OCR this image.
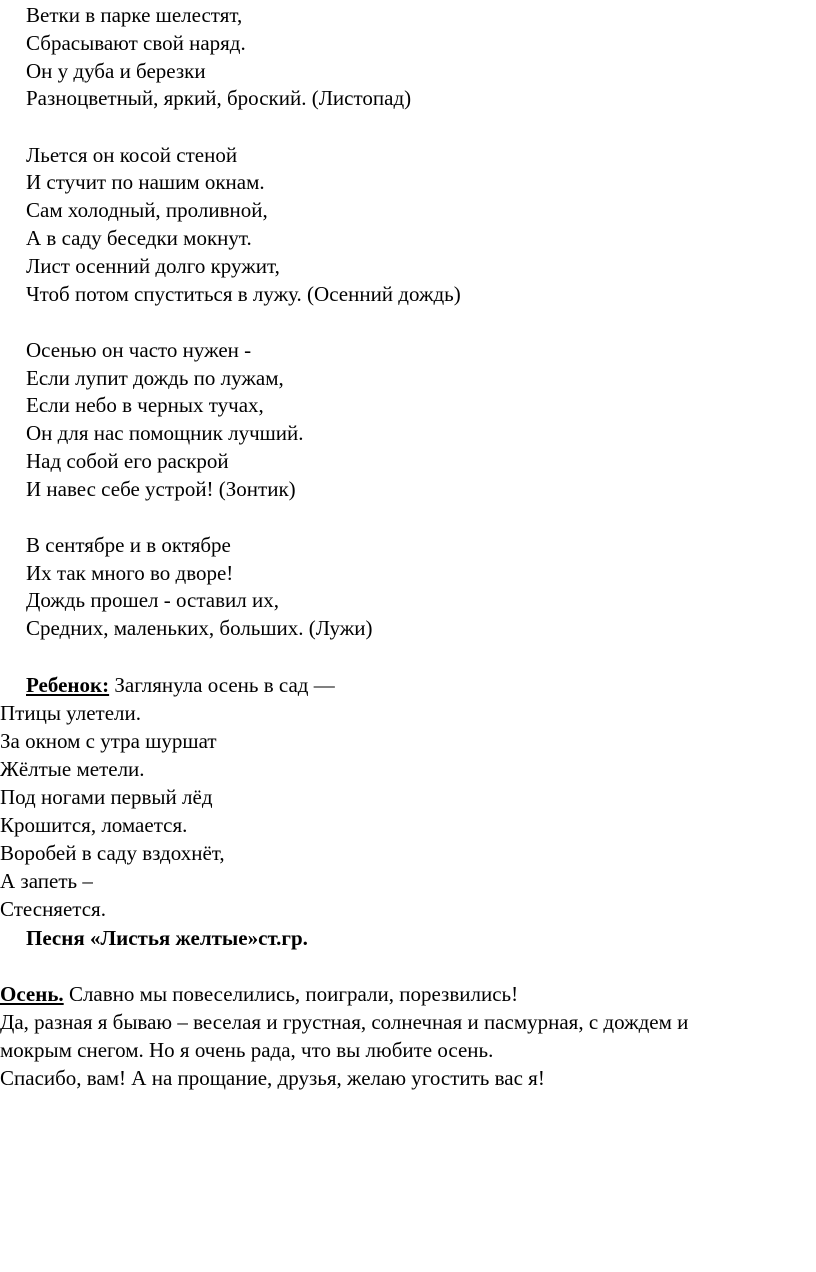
Ветки в парке шелестят,
Сбрасывают свой наряд.
Он у дуба и березки
Разноцветный, яркий, броский. (Листопад)
Льется он косой стеной
И стучит по нашим окнам.
Сам холодный, проливной,
А в саду беседки мокнут.
Лист осенний долго кружит,
Чтоб потом спуститься в лужу. (Осенний дождь)
Осенью он часто нужен -
Если лупит дождь по лужам,
Если небо в черных тучах,
Он для нас помощник лучший.
Над собой его раскрой
И навес себе устрой! (Зонтик)
В сентябре и в октябре
Их так много во дворе!
Дождь прошел - оставил их,
Средних, маленьких, больших. (Лужи)
Ребенок: Заглянула осень в сад —
Птицы улетели.
За окном с утра шуршат
Жёлтые метели.
Под ногами первый лёд
Крошится, ломается.
Воробей в саду вздохнёт,
А запеть –
Стесняется.
Песня «Листья желтые»ст.гр.
Осень. Славно мы повеселились, поиграли, порезвились!
Да, разная я бываю – веселая и грустная, солнечная и пасмурная, с дождем и
мокрым снегом. Но я очень рада, что вы любите осень.
Спасибо, вам! А на прощание, друзья, желаю угостить вас я!
